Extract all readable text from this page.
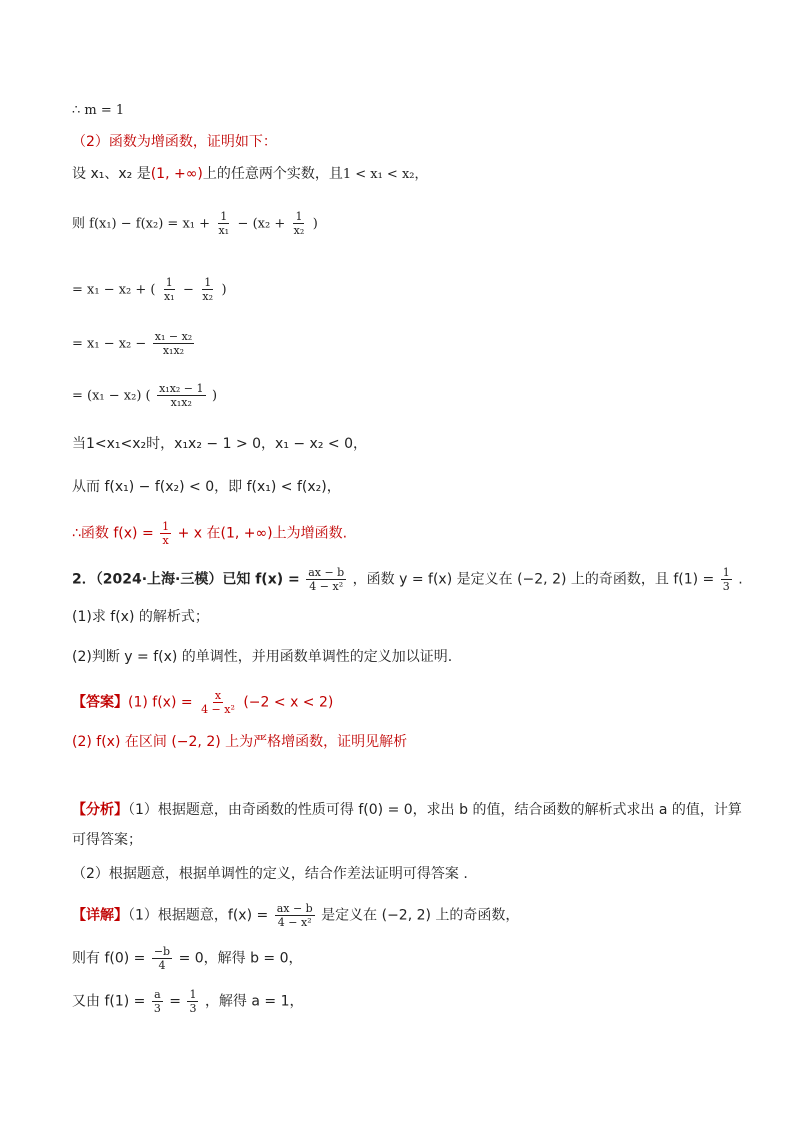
∴ m = 1
（2）函数为增函数，证明如下：
设 x₁、x₂ 是(1, +∞)上的任意两个实数，且1 < x₁ < x₂，
则 $f(x_1) - f(x_2) = x_1 + \frac{1}{\text{x₁}} - (x_2 + \frac{1}{\text{x₂}}$ )
= x₁ − x₂ + ( $\frac{1}{\text{x₁}} - \frac{1}{\text{x₂}}$ )
= $x_1 - x_2 - \frac{\text{x₁ − x₂}}{\text{x₁x₂}}$
= (x₁ − x₂) ( $\frac{\text{x₁x₂ − 1}}{\text{x₁x₂}}$ )
当1<x₁<x₂时，x₁x₂ − 1 > 0，x₁ − x₂ < 0，
从而 f(x₁) − f(x₂) < 0，即 f(x₁) < f(x₂)，
∴函数 $f(x) = \frac{1}{x} + x$ 在(1, +∞)上为增函数.
2．（2024·上海·三模）已知 $f(x) = \frac{ax - b}{\text{4 − x²}}$ ，函数 y = f(x) 是定义在 (−2, 2) 上的奇函数，且 $f(1) = \frac{1}{3}$ .
(1)求 f(x) 的解析式；
(2)判断 y = f(x) 的单调性，并用函数单调性的定义加以证明.
【答案】(1) $f(x) = \frac{x}{\text{4 − x²}} (-2 < x < 2)$
(2) f(x) 在区间 (−2, 2) 上为严格增函数，证明见解析
【分析】（1）根据题意，由奇函数的性质可得 f(0) = 0，求出 b 的值，结合函数的解析式求出 a 的值，计算
可得答案；
（2）根据题意，根据单调性的定义，结合作差法证明可得答案 .
【详解】（1）根据题意，$f(x) = \frac{ax - b}{\text{4 − x²}}$ 是定义在 (−2, 2) 上的奇函数，
则有 $f(0) = \frac{-b}{4} = 0$，解得 b = 0，
又由 $f(1) = \frac{a}{3} = \frac{1}{3}$ ，解得 a = 1，
